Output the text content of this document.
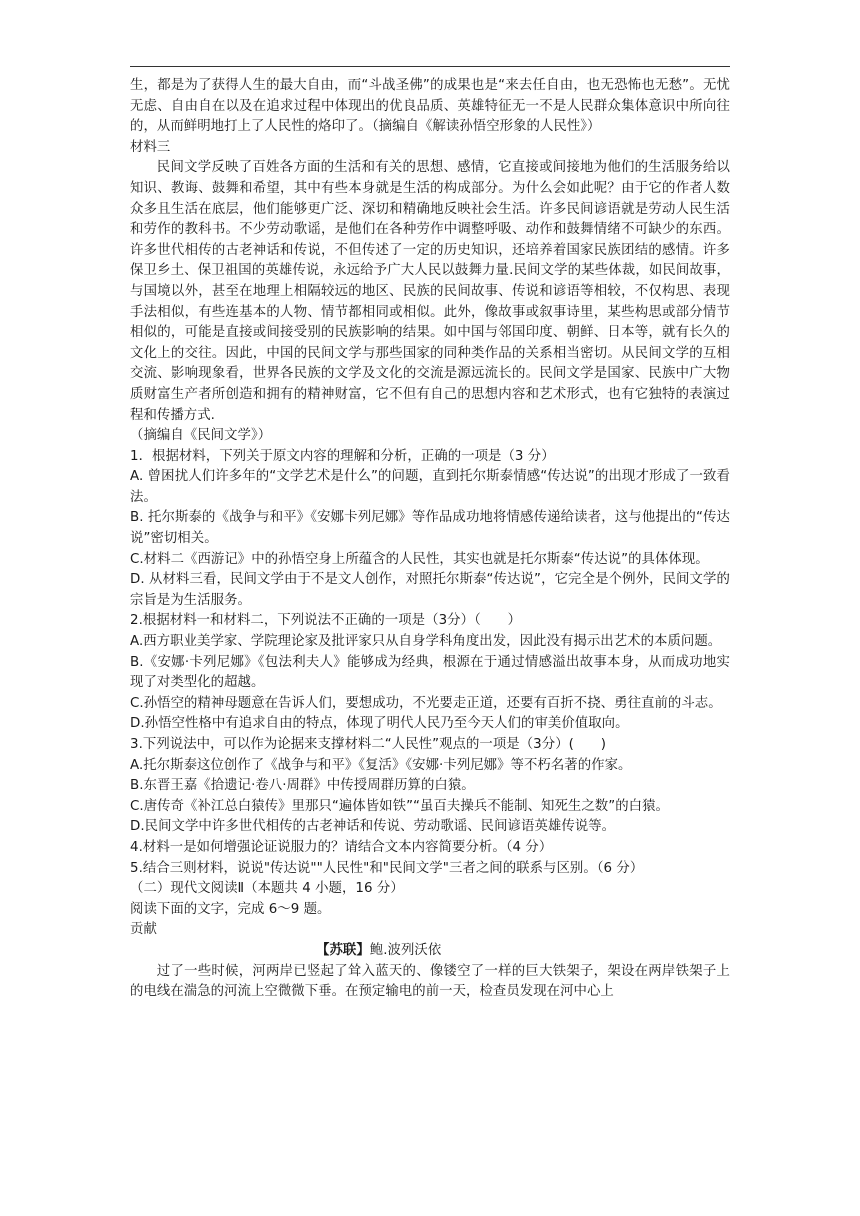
生，都是为了获得人生的最大自由，而“斗战圣佛”的成果也是“来去任自由，也无恐怖也无愁”。无忧无虑、自由自在以及在追求过程中体现出的优良品质、英雄特征无一不是人民群众集体意识中所向往的，从而鲜明地打上了人民性的烙印了。（摘编自《解读孙悟空形象的人民性》）

材料三

民间文学反映了百姓各方面的生活和有关的思想、感情，它直接或间接地为他们的生活服务给以知识、教诲、鼓舞和希望，其中有些本身就是生活的构成部分。为什么会如此呢？由于它的作者人数众多且生活在底层，他们能够更广泛、深切和精确地反映社会生活。许多民间谚语就是劳动人民生活和劳作的教科书。不少劳动歌谣，是他们在各种劳作中调整呼吸、动作和鼓舞情绪不可缺少的东西。许多世代相传的古老神话和传说，不但传述了一定的历史知识，还培养着国家民族团结的感情。许多保卫乡土、保卫祖国的英雄传说，永远给予广大人民以鼓舞力量.民间文学的某些体裁，如民间故事，与国境以外，甚至在地理上相隔较远的地区、民族的民间故事、传说和谚语等相较，不仅构思、表现手法相似，有些连基本的人物、情节都相同或相似。此外，像故事或叙事诗里，某些构思或部分情节相似的，可能是直接或间接受别的民族影响的结果。如中国与邻国印度、朝鲜、日本等，就有长久的文化上的交往。因此，中国的民间文学与那些国家的同种类作品的关系相当密切。从民间文学的互相交流、影响现象看，世界各民族的文学及文化的交流是源远流长的。民间文学是国家、民族中广大物质财富生产者所创造和拥有的精神财富，它不但有自己的思想内容和艺术形式，也有它独特的表演过程和传播方式.

（摘编自《民间文学》）

1．根据材料，下列关于原文内容的理解和分析，正确的一项是（3 分）

A. 曾困扰人们许多年的“文学艺术是什么”的问题，直到托尔斯泰情感“传达说”的出现才形成了一致看法。

B. 托尔斯泰的《战争与和平》《安娜卡列尼娜》等作品成功地将情感传递给读者，这与他提出的“传达说”密切相关。

C.材料二《西游记》中的孙悟空身上所蕴含的人民性，其实也就是托尔斯泰“传达说”的具体体现。

D. 从材料三看，民间文学由于不是文人创作，对照托尔斯泰“传达说”，它完全是个例外，民间文学的宗旨是为生活服务。

2.根据材料一和材料二，下列说法不正确的一项是（3分）（　　）

A.西方职业美学家、学院理论家及批评家只从自身学科角度出发，因此没有揭示出艺术的本质问题。

B.《安娜·卡列尼娜》《包法利夫人》能够成为经典，根源在于通过情感溢出故事本身，从而成功地实现了对类型化的超越。

C.孙悟空的精神母题意在告诉人们，要想成功，不光要走正道，还要有百折不挠、勇往直前的斗志。

D.孙悟空性格中有追求自由的特点，体现了明代人民乃至今天人们的审美价值取向。

3.下列说法中，可以作为论据来支撑材料二“人民性”观点的一项是（3分）(　　)

A.托尔斯泰这位创作了《战争与和平》《复活》《安娜·卡列尼娜》等不朽名著的作家。

B.东晋王嘉《拾遗记·卷八·周群》中传授周群历算的白猿。

C.唐传奇《补江总白猿传》里那只“遍体皆如铁”“虽百夫操兵不能制、知死生之数”的白猿。

D.民间文学中许多世代相传的古老神话和传说、劳动歌谣、民间谚语英雄传说等。

4.材料一是如何增强论证说服力的？请结合文本内容简要分析。（4 分）

5.结合三则材料，说说"传达说""人民性"和"民间文学"三者之间的联系与区别。（6 分）

（二）现代文阅读Ⅱ（本题共 4 小题，16 分）

阅读下面的文字，完成 6～9 题。

贡献

【苏联】鲍.波列沃依

过了一些时候，河两岸已竖起了耸入蓝天的、像镂空了一样的巨大铁架子，架设在两岸铁架子上的电线在湍急的河流上空微微下垂。在预定输电的前一天，检查员发现在河中心上
